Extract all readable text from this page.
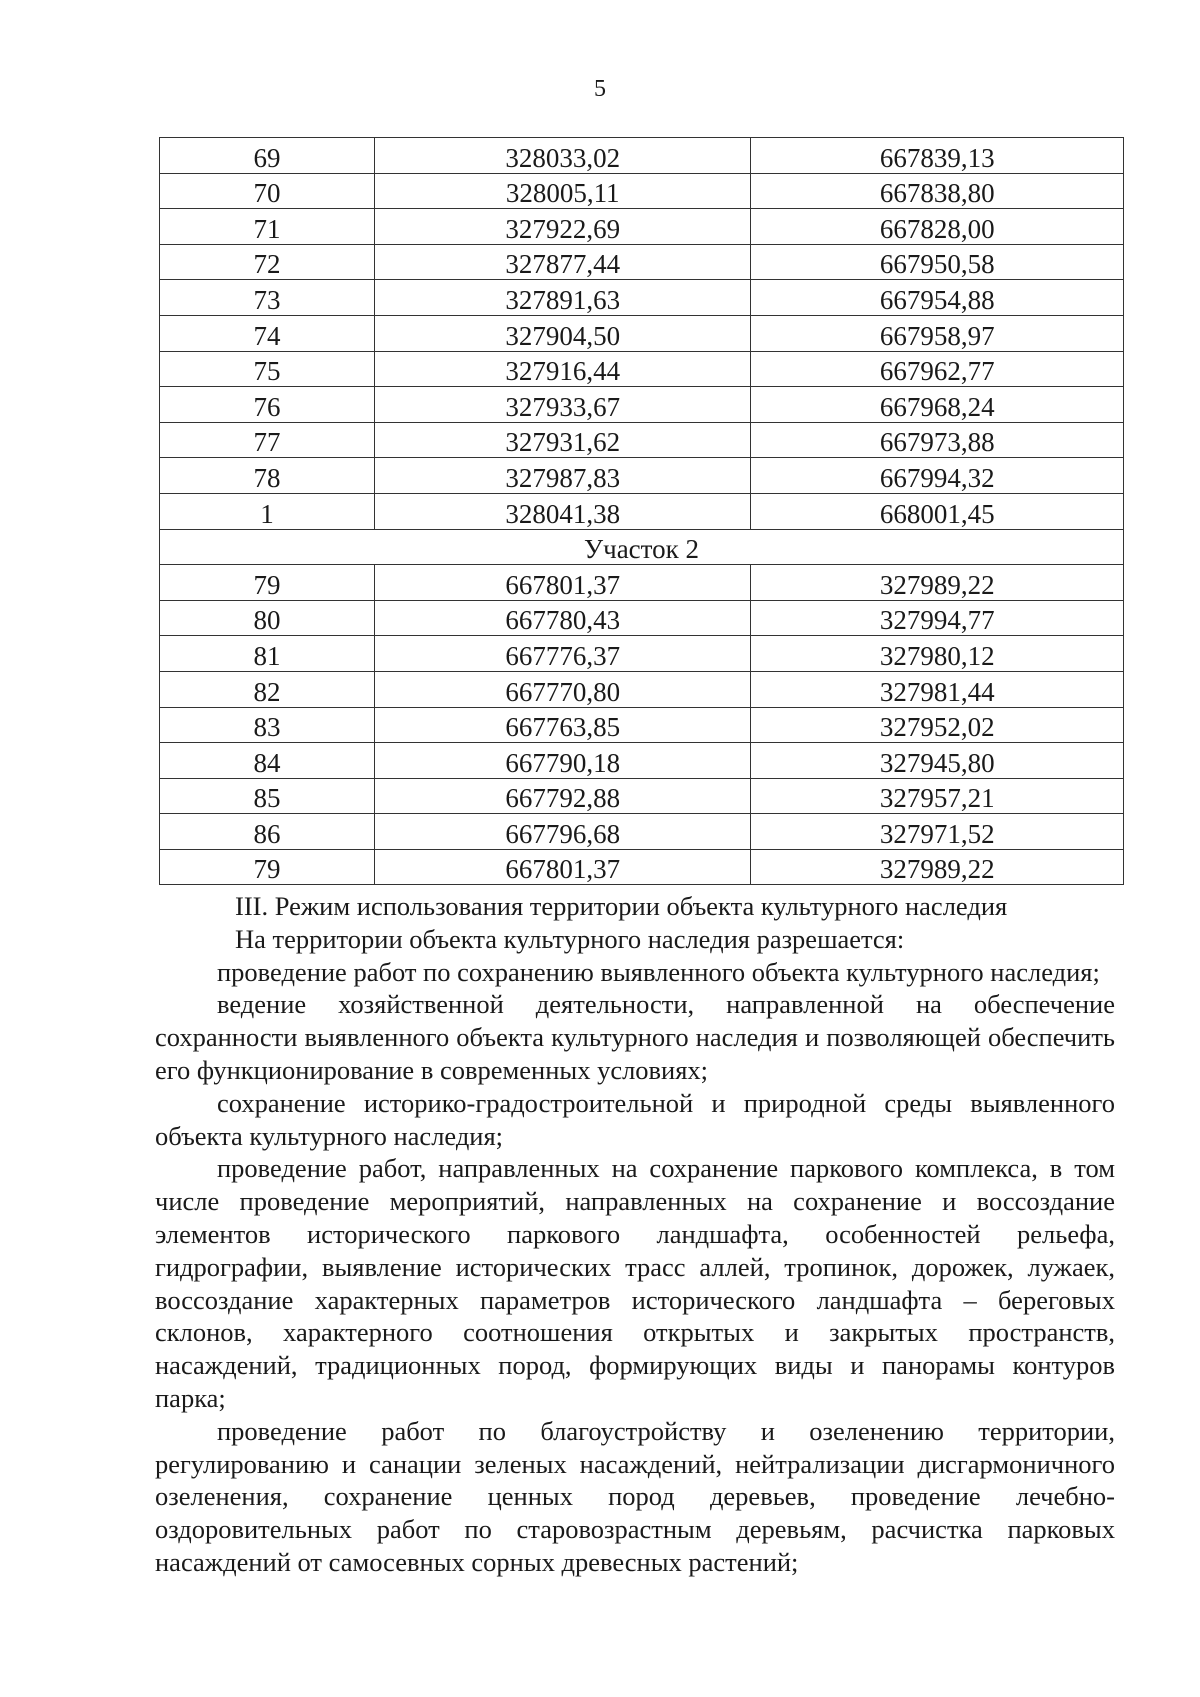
5
69	328033,02	667839,13
70	328005,11	667838,80
71	327922,69	667828,00
72	327877,44	667950,58
73	327891,63	667954,88
74	327904,50	667958,97
75	327916,44	667962,77
76	327933,67	667968,24
77	327931,62	667973,88
78	327987,83	667994,32
1	328041,38	668001,45
Участок 2		
79	667801,37	327989,22
80	667780,43	327994,77
81	667776,37	327980,12
82	667770,80	327981,44
83	667763,85	327952,02
84	667790,18	327945,80
85	667792,88	327957,21
86	667796,68	327971,52
79	667801,37	327989,22

III. Режим использования территории объекта культурного наследия

На территории объекта культурного наследия разрешается:

проведение работ по сохранению выявленного объекта культурного наследия;

ведение хозяйственной деятельности, направленной на обеспечение сохранности выявленного объекта культурного наследия и позволяющей обеспечить его функционирование в современных условиях;

сохранение историко-градостроительной и природной среды выявленного объекта культурного наследия;

проведение работ, направленных на сохранение паркового комплекса, в том числе проведение мероприятий, направленных на сохранение и воссоздание элементов исторического паркового ландшафта, особенностей рельефа, гидрографии, выявление исторических трасс аллей, тропинок, дорожек, лужаек, воссоздание характерных параметров исторического ландшафта – береговых склонов, характерного соотношения открытых и закрытых пространств, насаждений, традиционных пород, формирующих виды и панорамы контуров парка;

проведение работ по благоустройству и озеленению территории, регулированию и санации зеленых насаждений, нейтрализации дисгармоничного озеленения, сохранение ценных пород деревьев, проведение лечебно-оздоровительных работ по старовозрастным деревьям, расчистка парковых насаждений от самосевных сорных древесных растений;
